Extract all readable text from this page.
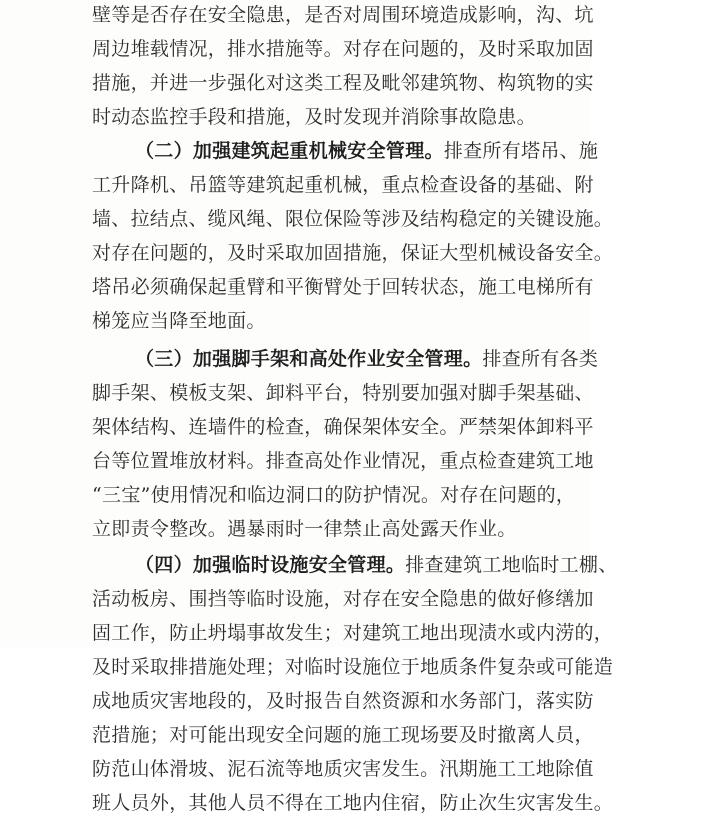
壁等是否存在安全隐患，是否对周围环境造成影响，沟、坑
周边堆载情况，排水措施等。对存在问题的，及时采取加固
措施，并进一步强化对这类工程及毗邻建筑物、构筑物的实
时动态监控手段和措施，及时发现并消除事故隐患。
（二）加强建筑起重机械安全管理。排查所有塔吊、施
工升降机、吊篮等建筑起重机械，重点检查设备的基础、附
墙、拉结点、缆风绳、限位保险等涉及结构稳定的关键设施。
对存在问题的，及时采取加固措施，保证大型机械设备安全。
塔吊必须确保起重臂和平衡臂处于回转状态，施工电梯所有
梯笼应当降至地面。
（三）加强脚手架和高处作业安全管理。排查所有各类
脚手架、模板支架、卸料平台，特别要加强对脚手架基础、
架体结构、连墙件的检查，确保架体安全。严禁架体卸料平
台等位置堆放材料。排查高处作业情况，重点检查建筑工地
“三宝”使用情况和临边洞口的防护情况。对存在问题的，
立即责令整改。遇暴雨时一律禁止高处露天作业。
（四）加强临时设施安全管理。排查建筑工地临时工棚、
活动板房、围挡等临时设施，对存在安全隐患的做好修缮加
固工作，防止坍塌事故发生；对建筑工地出现渍水或内涝的，
及时采取排措施处理；对临时设施位于地质条件复杂或可能造
成地质灾害地段的，及时报告自然资源和水务部门，落实防
范措施；对可能出现安全问题的施工现场要及时撤离人员，
防范山体滑坡、泥石流等地质灾害发生。汛期施工工地除值
班人员外，其他人员不得在工地内住宿，防止次生灾害发生。
